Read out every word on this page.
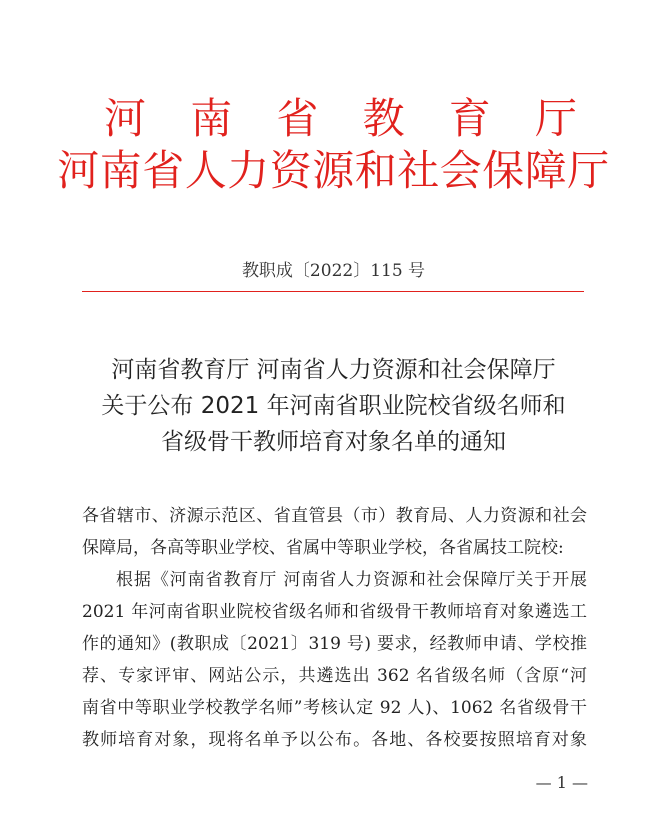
河 南 省 教 育 厅
河南省人力资源和社会保障厅
教职成〔2022〕115 号
河南省教育厅 河南省人力资源和社会保障厅
关于公布 2021 年河南省职业院校省级名师和
省级骨干教师培育对象名单的通知
各省辖市、济源示范区、省直管县（市）教育局、人力资源和社会
保障局，各高等职业学校、省属中等职业学校，各省属技工院校:
根据《河南省教育厅 河南省人力资源和社会保障厅关于开展
2021 年河南省职业院校省级名师和省级骨干教师培育对象遴选工
作的通知》(教职成〔2021〕319 号) 要求，经教师申请、学校推
荐、专家评审、网站公示，共遴选出 362 名省级名师（含原“河
南省中等职业学校教学名师”考核认定 92 人)、1062 名省级骨干
教师培育对象，现将名单予以公布。各地、各校要按照培育对象
— 1 —
